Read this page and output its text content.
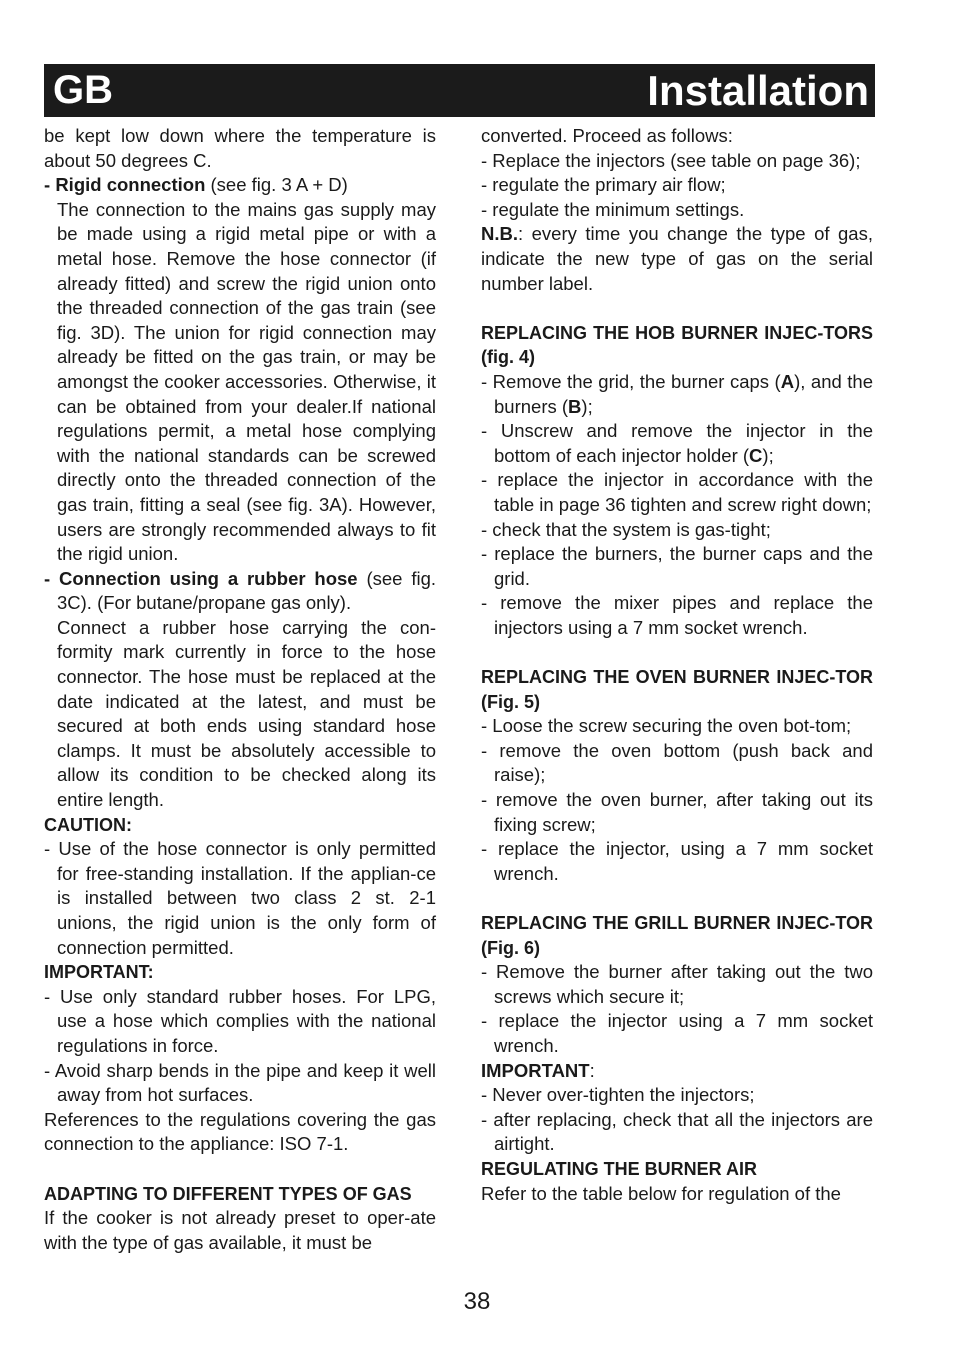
GB	Installation

be kept low down where the temperature is about 50 degrees C.

- Rigid connection (see fig. 3 A + D)

The connection to the mains gas supply may be made using a rigid metal pipe or with a metal hose. Remove the hose connector (if already fitted) and screw the rigid union onto the threaded connection of the gas train (see fig. 3D). The union for rigid connection may already be fitted on the gas train, or may be amongst the cooker accessories. Otherwise, it can be obtained from your dealer.If national regulations permit, a metal hose complying with the national standards can be screwed directly onto the threaded connection of the gas train, fitting a seal (see fig. 3A). However, users are strongly recommended always to fit the rigid union.

- Connection using a rubber hose (see fig. 3C). (For butane/propane gas only).

Connect a rubber hose carrying the con-formity mark currently in force to the hose connector. The hose must be replaced at the date indicated at the latest, and must be secured at both ends using standard hose clamps. It must be absolutely accessible to allow its condition to be checked along its entire length.

CAUTION:

- Use of the hose connector is only permitted for free-standing installation. If the applian-ce is installed between two class 2 st. 2-1 unions, the rigid union is the only form of connection permitted.

IMPORTANT:

- Use only standard rubber hoses. For LPG, use a hose which complies with the national regulations in force.

- Avoid sharp bends in the pipe and keep it well away from hot surfaces.

References to the regulations covering the gas connection to the appliance: ISO 7-1.

ADAPTING TO DIFFERENT TYPES OF GAS

If the cooker is not already preset to oper-ate with the type of gas available, it must be

converted. Proceed as follows:

- Replace the injectors (see table on page 36);

- regulate the primary air flow;

- regulate the minimum settings.

N.B.: every time you change the type of gas, indicate the new type of gas on the serial number label.

REPLACING THE HOB BURNER INJEC-TORS (fig. 4)

- Remove the grid, the burner caps (A), and the burners (B);

- Unscrew and remove the injector in the bottom of each injector holder (C);

- replace the injector in accordance with the table in page 36 tighten and screw right down;

- check that the system is gas-tight;

- replace the burners, the burner caps and the grid.

- remove the mixer pipes and replace the injectors using a 7 mm socket wrench.

REPLACING THE OVEN BURNER INJEC-TOR (Fig. 5)

- Loose the screw securing the oven bot-tom;

- remove the oven bottom (push back and raise);

- remove the oven burner, after taking out its fixing screw;

- replace the injector, using a 7 mm socket wrench.

REPLACING THE GRILL BURNER INJEC-TOR (Fig. 6)

- Remove the burner after taking out the two screws which secure it;

- replace the injector using a 7 mm socket wrench.

IMPORTANT:

- Never over-tighten the injectors;

- after replacing, check that all the injectors are airtight.

REGULATING THE BURNER AIR

Refer to the table below for regulation of the

38
